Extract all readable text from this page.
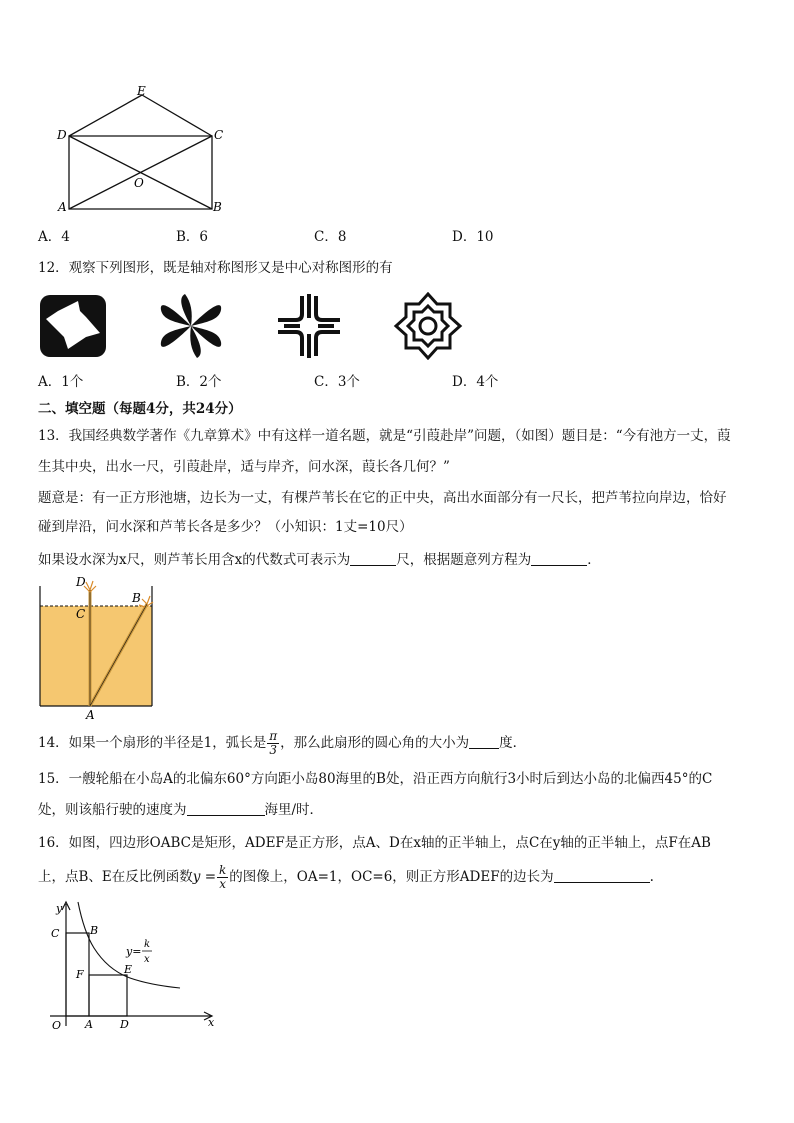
E
D	C
O
A	B
A．4	B．6	C．8	D．10
12．观察下列图形，既是轴对称图形又是中心对称图形的有
A．1个	B．2个	C．3个	D．4个
二、填空题（每题4分，共24分）
13．我国经典数学著作《九章算术》中有这样一道名题，就是“引葭赴岸”问题，（如图）题目是：“今有池方一丈，葭
生其中央，出水一尺，引葭赴岸，适与岸齐，问水深，葭长各几何？”
题意是：有一正方形池塘，边长为一丈，有棵芦苇长在它的正中央，高出水面部分有一尺长，把芦苇拉向岸边，恰好
碰到岸沿，问水深和芦苇长各是多少？（小知识：1丈=10尺）
如果设水深为x尺，则芦苇长用含x的代数式可表示为	尺，根据题意列方程为	．
D
B
C
A
14．如果一个扇形的半径是1，弧长是 $\frac{\pi}{3}$ ，那么此扇形的圆心角的大小为 度．
15．一艘轮船在小岛A的北偏东60°方向距小岛80海里的B处，沿正西方向航行3小时后到达小岛的北偏西45°的C
处，则该船行驶的速度为	海里/时．
16．如图，四边形OABC是矩形，ADEF是正方形，点A、D在x轴的正半轴上，点C在y轴的正半轴上，点F在AB
上，点B、E在反比例函数$y = \frac{k}{x}$ 的图像上，OA=1，OC=6，则正方形ADEF的边长为	.
y
x
O A D
C	B
F	E
y=
k
x
